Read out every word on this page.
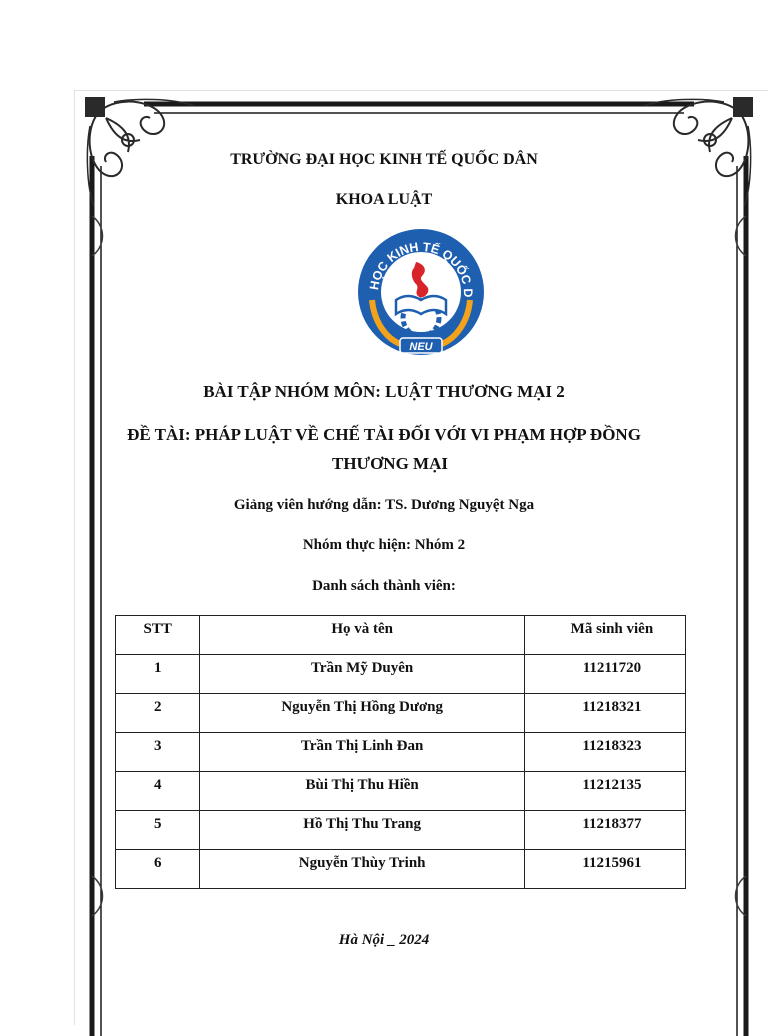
TRƯỜNG ĐẠI HỌC KINH TẾ QUỐC DÂN
KHOA LUẬT
HỌC KINH TẾ QUỐC D
NEU
BÀI TẬP NHÓM MÔN: LUẬT THƯƠNG MẠI 2
ĐỀ TÀI: PHÁP LUẬT VỀ CHẾ TÀI ĐỐI VỚI VI PHẠM HỢP ĐỒNG
THƯƠNG MẠI
Giảng viên hướng dẫn: TS. Dương Nguyệt Nga
Nhóm thực hiện: Nhóm 2
Danh sách thành viên:
STT	Họ và tên	Mã sinh viên

1	Trần Mỹ Duyên	11211720

2	Nguyễn Thị Hồng Dương	11218321

3	Trần Thị Linh Đan	11218323

4	Bùi Thị Thu Hiền	11212135

5	Hồ Thị Thu Trang	11218377

6	Nguyễn Thùy Trinh	11215961
Hà Nội _ 2024
